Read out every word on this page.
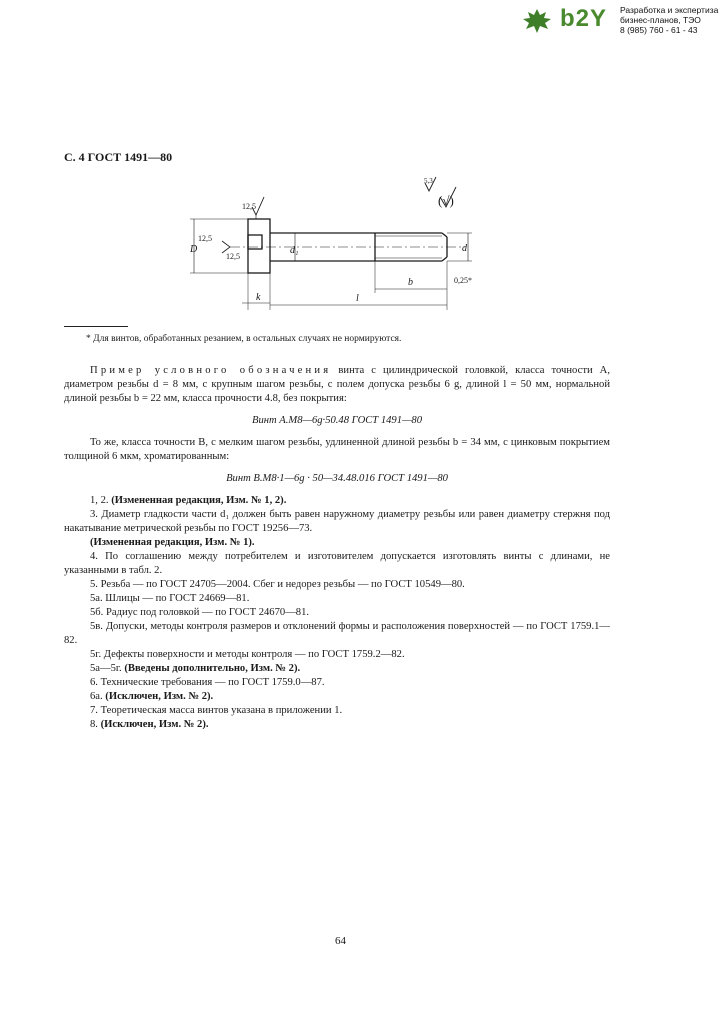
b2Y Разработка и экспертиза
бизнес-планов, ТЭО
8 (985) 760 - 61 - 43
С. 4 ГОСТ 1491—80
D	d₁	d
k	l
b
12,5
12,5
12,5
0,25*
5,3
(√)
* Для винтов, обработанных резанием, в остальных случаях не нормируются.

Пример условного обозначения винта с цилиндрической головкой, класса точности А, диаметром резьбы d = 8 мм, с крупным шагом резьбы, с полем допуска резьбы 6 g, длиной l = 50 мм, нормальной длиной резьбы b = 22 мм, класса прочности 4.8, без покрытия:

Винт А.М8—6g·50.48 ГОСТ 1491—80

То же, класса точности В, с мелким шагом резьбы, удлиненной длиной резьбы b = 34 мм, с цинковым покрытием толщиной 6 мкм, хроматированным:

Винт В.М8·1—6g · 50—34.48.016 ГОСТ 1491—80

1, 2. (Измененная редакция, Изм. № 1, 2).

3. Диаметр гладкости части d₁ должен быть равен наружному диаметру резьбы или равен диаметру стержня под накатывание метрической резьбы по ГОСТ 19256—73.

(Измененная редакция, Изм. № 1).

4. По соглашению между потребителем и изготовителем допускается изготовлять винты с длинами, не указанными в табл. 2.

5. Резьба — по ГОСТ 24705—2004. Сбег и недорез резьбы — по ГОСТ 10549—80.

5а. Шлицы — по ГОСТ 24669—81.

5б. Радиус под головкой — по ГОСТ 24670—81.

5в. Допуски, методы контроля размеров и отклонений формы и расположения поверхностей — по ГОСТ 1759.1—82.

5г. Дефекты поверхности и методы контроля — по ГОСТ 1759.2—82.

5а—5г. (Введены дополнительно, Изм. № 2).

6. Технические требования — по ГОСТ 1759.0—87.

6а. (Исключен, Изм. № 2).

7. Теоретическая масса винтов указана в приложении 1.

8. (Исключен, Изм. № 2).

64
